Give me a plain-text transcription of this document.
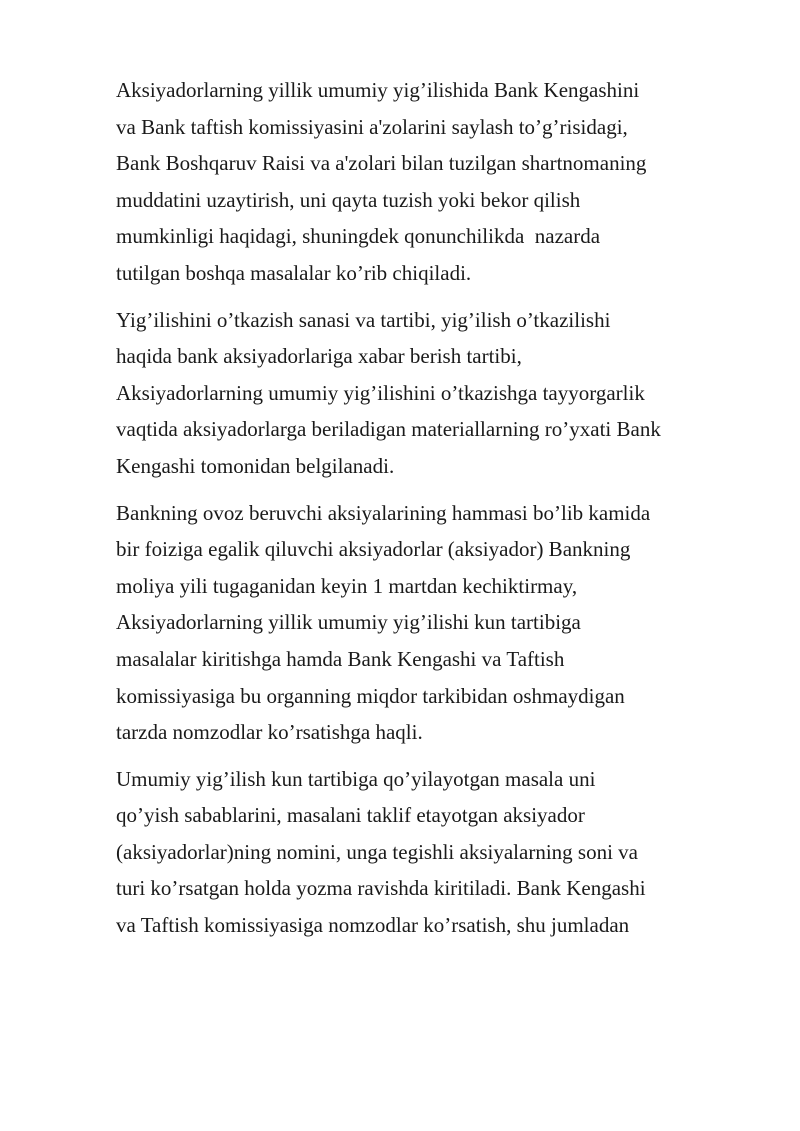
Aksiyadorlarning yillik umumiy yig’ilishida Bank Kengashini
va Bank taftish komissiyasini a'zolarini saylash to’g’risidagi,
Bank Boshqaruv Raisi va a'zolari bilan tuzilgan shartnomaning
muddatini uzaytirish, uni qayta tuzish yoki bekor qilish
mumkinligi haqidagi, shuningdek qonunchilikda  nazarda
tutilgan boshqa masalalar ko’rib chiqiladi.

Yig’ilishini o’tkazish sanasi va tartibi, yig’ilish o’tkazilishi
haqida bank aksiyadorlariga xabar berish tartibi,
Aksiyadorlarning umumiy yig’ilishini o’tkazishga tayyorgarlik
vaqtida aksiyadorlarga beriladigan materiallarning ro’yxati Bank
Kengashi tomonidan belgilanadi.

Bankning ovoz beruvchi aksiyalarining hammasi bo’lib kamida
bir foiziga egalik qiluvchi aksiyadorlar (aksiyador) Bankning
moliya yili tugaganidan keyin 1 martdan kechiktirmay,
Aksiyadorlarning yillik umumiy yig’ilishi kun tartibiga
masalalar kiritishga hamda Bank Kengashi va Taftish
komissiyasiga bu organning miqdor tarkibidan oshmaydigan
tarzda nomzodlar ko’rsatishga haqli.

Umumiy yig’ilish kun tartibiga qo’yilayotgan masala uni
qo’yish sabablarini, masalani taklif etayotgan aksiyador
(aksiyadorlar)ning nomini, unga tegishli aksiyalarning soni va
turi ko’rsatgan holda yozma ravishda kiritiladi. Bank Kengashi
va Taftish komissiyasiga nomzodlar ko’rsatish, shu jumladan
